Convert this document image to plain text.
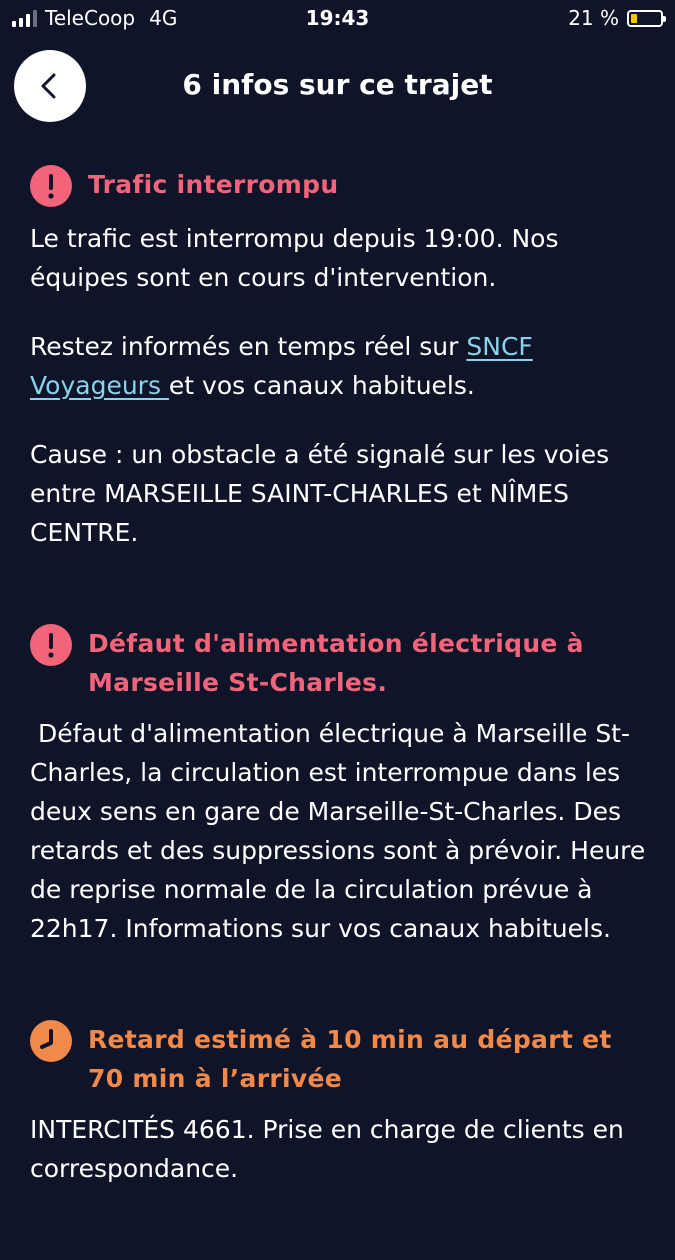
TeleCoop 4G	19:43	21 %
6 infos sur ce trajet
Trafic interrompu

Le trafic est interrompu depuis 19:00. Nos équipes sont en cours d'intervention.

Restez informés en temps réel sur SNCF Voyageurs et vos canaux habituels.

Cause : un obstacle a été signalé sur les voies entre MARSEILLE SAINT-CHARLES et NÎMES CENTRE.

Défaut d'alimentation électrique à Marseille St-Charles.

Défaut d'alimentation électrique à Marseille St-Charles, la circulation est interrompue dans les deux sens en gare de Marseille-St-Charles. Des retards et des suppressions sont à prévoir. Heure de reprise normale de la circulation prévue à 22h17. Informations sur vos canaux habituels.

Retard estimé à 10 min au départ et 70 min à l’arrivée

INTERCITÉS 4661. Prise en charge de clients en correspondance.
